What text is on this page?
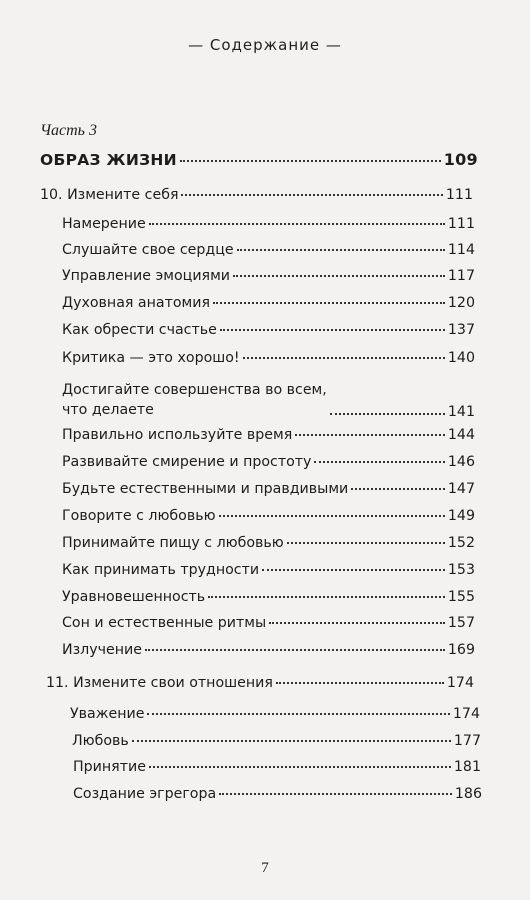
— Содержание —
Часть 3
ОБРАЗ ЖИЗНИ	109
10. Измените себя	111
Намерение	111
Слушайте свое сердце	114
Управление эмоциями	117
Духовная анатомия	120
Как обрести счастье	137
Критика — это хорошо!	140
Достигайте совершенства во всем,
что делаете	141
Правильно используйте время	144
Развивайте смирение и простоту	146
Будьте естественными и правдивыми	147
Говорите с любовью	149
Принимайте пищу с любовью	152
Как принимать трудности	153
Уравновешенность	155
Сон и естественные ритмы	157
Излучение	169
11. Измените свои отношения	174
Уважение	174
Любовь	177
Принятие	181
Создание эгрегора	186
7
